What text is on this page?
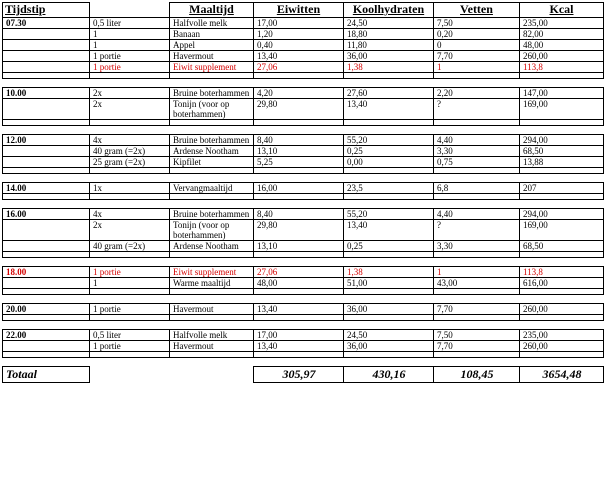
Tijdstip		Maaltijd	Eiwitten	Koolhydraten	Vetten	Kcal
07.30	0,5 liter	Halfvolle melk	17,00	24,50	7,50	235,00
	1	Banaan	1,20	18,80	0,20	82,00
	1	Appel	0,40	11,80	0	48,00
	1 portie	Havermout	13,40	36,00	7,70	260,00
	1 portie	Eiwit supplement	27,06	1,38	1	113,8

10.00	2x	Bruine boterhammen	4,20	27,60	2,20	147,00
	2x	Tonijn (voor op boterhammen)	29,80	13,40	?	169,00

12.00	4x	Bruine boterhammen	8,40	55,20	4,40	294,00
	40 gram (=2x)	Ardense Nootham	13,10	0,25	3,30	68,50
	25 gram (=2x)	Kipfilet	5,25	0,00	0,75	13,88

14.00	1x	Vervangmaaltijd	16,00	23,5	6,8	207

16.00	4x	Bruine boterhammen	8,40	55,20	4,40	294,00
	2x	Tonijn (voor op boterhammen)	29,80	13,40	?	169,00
	40 gram (=2x)	Ardense Nootham	13,10	0,25	3,30	68,50

18.00	1 portie	Eiwit supplement	27,06	1,38	1	113,8
	1	Warme maaltijd	48,00	51,00	43,00	616,00

20.00	1 portie	Havermout	13,40	36,00	7,70	260,00

22.00	0,5 liter	Halfvolle melk	17,00	24,50	7,50	235,00
	1 portie	Havermout	13,40	36,00	7,70	260,00

Totaal			305,97	430,16	108,45	3654,48
